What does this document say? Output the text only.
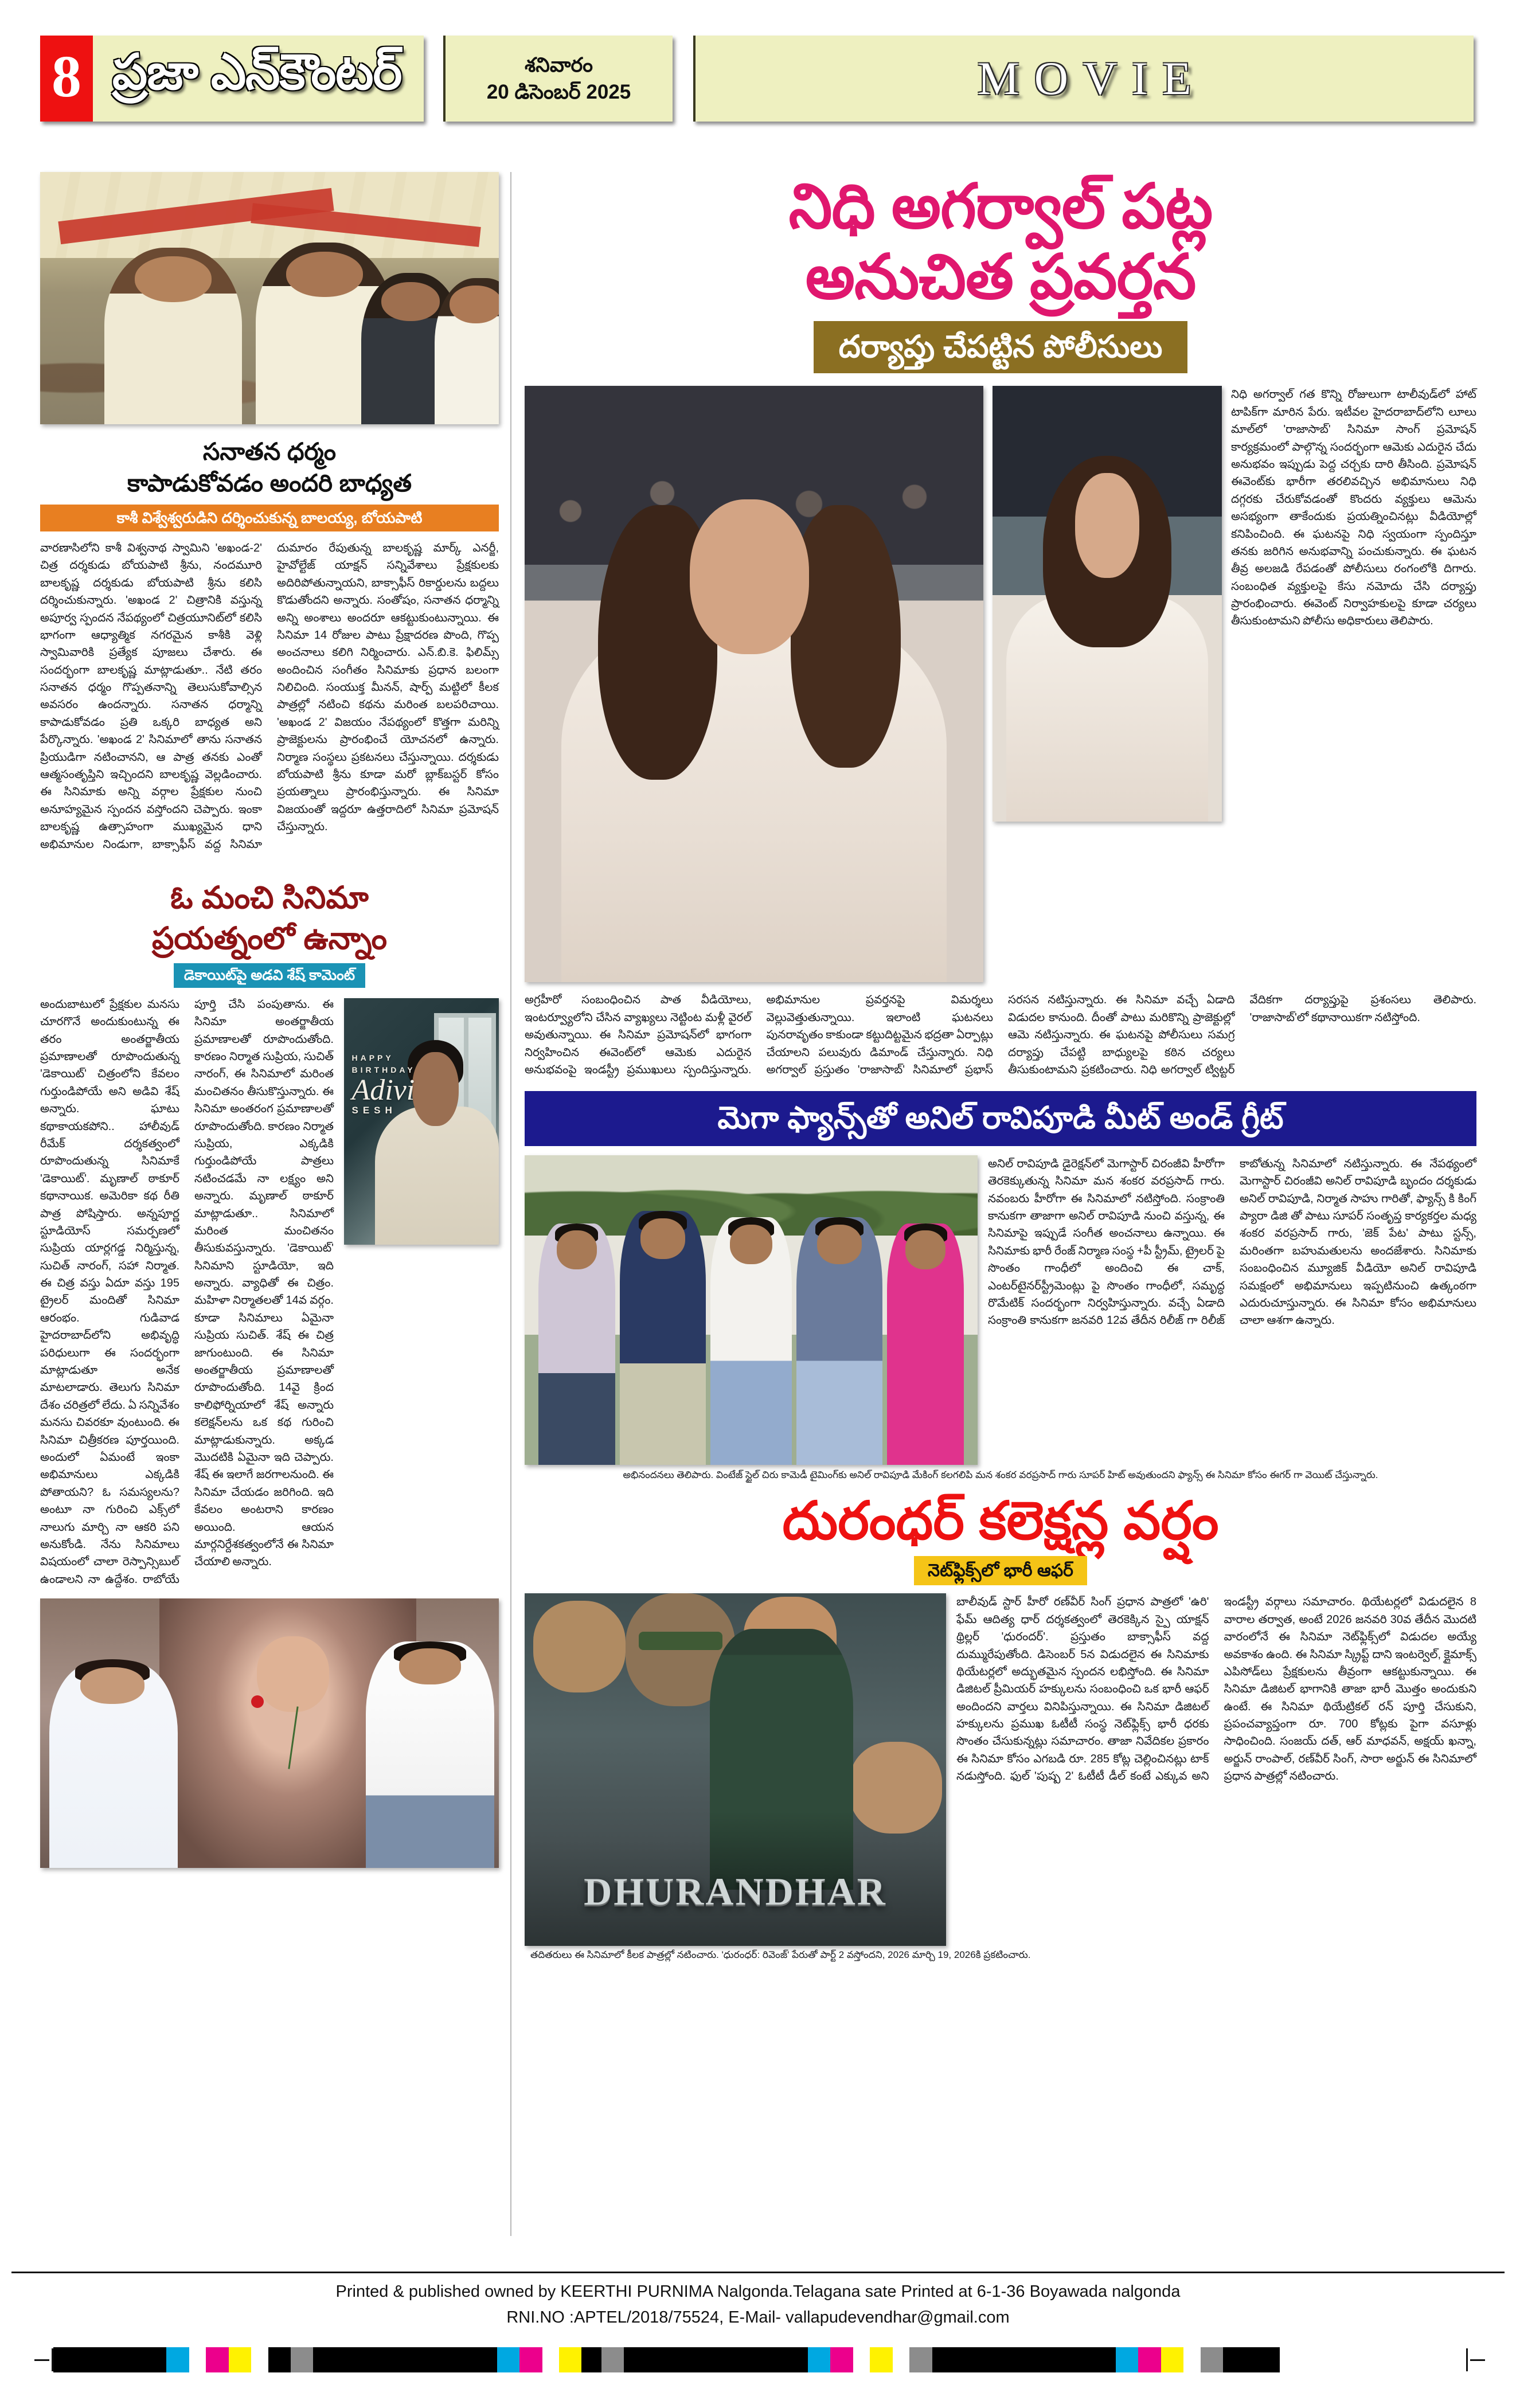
8 ప్రజా ఎన్‌కౌంటర్	శనివారం
20 డిసెంబర్ 2025	MOVIE
సనాతన ధర్మం
కాపాడుకోవడం అందరి బాధ్యత
కాశీ విశ్వేశ్వరుడిని దర్శించుకున్న బాలయ్య, బోయపాటి
వారణాసిలోని కాశీ విశ్వనాథ స్వామిని 'అఖండ-2' చిత్ర దర్శకుడు బోయపాటి శ్రీను, నందమూరి బాలకృష్ణ దర్శకుడు బోయపాటి శ్రీను కలిసి దర్శించుకున్నారు. 'అఖండ 2' చిత్రానికి వస్తున్న అపూర్వ స్పందన నేపథ్యంలో చిత్రయూనిట్‌లో కలిసి భాగంగా ఆధ్యాత్మిక నగరమైన కాశీకి వెళ్లి స్వామివారికి ప్రత్యేక పూజలు చేశారు. ఈ సందర్భంగా బాలకృష్ణ మాట్లాడుతూ.. నేటి తరం సనాతన ధర్మం గొప్పతనాన్ని తెలుసుకోవాల్సిన అవసరం ఉందన్నారు. సనాతన ధర్మాన్ని కాపాడుకోవడం ప్రతి ఒక్కరి బాధ్యత అని పేర్కొన్నారు. 'అఖండ 2' సినిమాలో తాను సనాతన ప్రియుడిగా నటించానని, ఆ పాత్ర తనకు ఎంతో ఆత్మసంతృప్తిని ఇచ్చిందని బాలకృష్ణ వెల్లడించారు. ఈ సినిమాకు అన్ని వర్గాల ప్రేక్షకుల నుంచి అనూహ్యమైన స్పందన వస్తోందని చెప్పారు. ఇంకా బాలకృష్ణ ఉత్సాహంగా ముఖ్యమైన ధాని అభిమానుల నిండుగా, బాక్సాఫీస్ వద్ద సినిమా దుమారం రేపుతున్న బాలకృష్ణ మార్క్ ఎనర్జీ, హైవోల్టేజ్ యాక్షన్ సన్నివేశాలు ప్రేక్షకులకు అదిరిపోతున్నాయని, బాక్సాఫీస్ రికార్డులను బద్దలు కొడుతోందని అన్నారు. సంతోషం, సనాతన ధర్మాన్ని అన్ని అంశాలు అందరూ ఆకట్టుకుంటున్నాయి. ఈ సినిమా 14 రోజుల పాటు ప్రేక్షాదరణ పొంది, గొప్ప అంచనాలు కలిగి నిర్మించారు. ఎన్.బి.కె. ఫిలిమ్స్ అందించిన సంగీతం సినిమాకు ప్రధాన బలంగా నిలిచింది. సంయుక్త మీనన్, షార్ప్ మట్టిలో కీలక పాత్రల్లో నటించి కథను మరింత బలపరిచాయి. 'అఖండ 2' విజయం నేపథ్యంలో కొత్తగా మరిన్ని ప్రాజెక్టులను ప్రారంభించే యోచనలో ఉన్నారు. నిర్మాణ సంస్థలు ప్రకటనలు చేస్తున్నాయి. దర్శకుడు బోయపాటి శ్రీను కూడా మరో బ్లాక్‌బస్టర్ కోసం ప్రయత్నాలు ప్రారంభిస్తున్నారు. ఈ సినిమా విజయంతో ఇద్దరూ ఉత్తరాదిలో సినిమా ప్రమోషన్ చేస్తున్నారు.
ఓ మంచి సినిమా
ప్రయత్నంలో ఉన్నాం
డెకాయిట్‌పై అడవి శేష్ కామెంట్
HAPPY
BIRTHDAY
Adivi
SESH
అందుబాటులో ప్రేక్షకుల మనసు చూరగొనే అందుకుంటున్న ఈ తరం అంతర్జాతీయ ప్రమాణాలతో రూపొందుతున్న 'డెకాయిట్' చిత్రంలోని కేవలం గుర్తుండిపోయే అని అడివి శేష్ అన్నారు. ఘాటు కథాకాయకపోని.. హాలీవుడ్ రీమేక్ దర్శకత్వంలో రూపొందుతున్న సినిమాకే 'డెకాయిట్'. మృణాల్ ఠాకూర్ కథానాయిక. అమెరికా కథ రీతి పాత్ర పోషిస్తారు. అన్నపూర్ణ స్టూడియోస్ సమర్పణలో సుప్రియ యార్లగడ్డ నిర్మిస్తున్న, సుచిత్ నారంగ్, సహా నిర్మాత. ఈ చిత్ర వస్తు ఏదూ వస్తు 195 ట్రైలర్ మందితో సినిమా ఆరంభం. గుడివాడ హైదరాబాద్‌లోని అభివృద్ధి పరిధులుగా ఈ సందర్భంగా మాట్లాడుతూ అనేక మాటలాడారు. తెలుగు సినిమా దేశం చరిత్రలో లేదు. ఏ సన్నివేశం మనసు చివరకూ వుంటుంది. ఈ సినిమా చిత్రీకరణ పూర్తయింది. అందులో ఏమంటే ఇంకా అభిమానులు ఎక్కడికి పోతాయని? ఓ సమస్యలను? అంటూ నా గురించి ఎక్స్‌లో నాలుగు మార్చి నా ఆకరి పని అనుకోండి. నేను సినిమాలు విషయంలో చాలా రెస్పాన్సిబుల్ ఉండాలని నా ఉద్దేశం. రాబోయే పూర్తి చేసి పంపుతాను. ఈ సినిమా అంతర్జాతీయ ప్రమాణాలతో రూపొందుతోంది. కారణం నిర్మాత సుప్రియ, సుచిత్ నారంగ్, ఈ సినిమాలో మరింత మంచితనం తీసుకొస్తున్నారు. ఈ సినిమా అంతరంగ ప్రమాణాలతో రూపొందుతోంది. కారణం నిర్మాత సుప్రియ, ఎక్కడికి గుర్తుండిపోయే పాత్రలు నటించడమే నా లక్ష్యం అని అన్నారు. మృణాల్ ఠాకూర్ మాట్లాడుతూ.. సినిమాలో మరింత మంచితనం తీసుకువస్తున్నారు. 'డెకాయిట్' సినిమాని స్టూడియో, ఇది అన్నారు. వ్యాధితో ఈ చిత్రం. మహిళా నిర్మాతలతో 14వ వర్గం. కూడా సినిమాలు ఏమైనా సుప్రియ సుచిత్. శేష్ ఈ చిత్ర జాగుంటుంది. ఈ సినిమా అంతర్జాతీయ ప్రమాణాలతో రూపొందుతోంది. 14వై క్రింద కాలిఫోర్నియాలో శేష్ అన్నారు కలెక్షన్‌లను ఒక కథ గురించి మాట్లాడుకున్నారు. అక్కడ మొదటికి ఏమైనా ఇది చెప్పారు. శేష్ ఈ ఇలాగే జరగాలనుంది. ఈ సినిమా చేయడం జరిగింది. ఇది కేవలం అంటరాని కారణం అయింది. ఆయన మార్గనిర్దేశకత్వంలోనే ఈ సినిమా చేయాలి అన్నారు.
నిధి అగర్వాల్ పట్ల
అనుచిత ప్రవర్తన
దర్యాప్తు చేపట్టిన పోలీసులు
నిధి అగర్వాల్ గత కొన్ని రోజులుగా టాలీవుడ్‌లో హాట్ టాపిక్‌గా మారిన పేరు. ఇటీవల హైదరాబాద్‌లోని లూలు మాల్‌లో 'రాజాసాబ్' సినిమా సాంగ్ ప్రమోషన్ కార్యక్రమంలో పాల్గొన్న సందర్భంగా ఆమెకు ఎదురైన చేదు అనుభవం ఇప్పుడు పెద్ద చర్చకు దారి తీసింది. ప్రమోషన్ ఈవెంట్‌కు భారీగా తరలివచ్చిన అభిమానులు నిధి దగ్గరకు చేరుకోవడంతో కొందరు వ్యక్తులు ఆమెను అసభ్యంగా తాకేందుకు ప్రయత్నించినట్లు వీడియోల్లో కనిపించింది. ఈ ఘటనపై నిధి స్వయంగా స్పందిస్తూ తనకు జరిగిన అనుభవాన్ని పంచుకున్నారు. ఈ ఘటన తీవ్ర అలజడి రేపడంతో పోలీసులు రంగంలోకి దిగారు. సంబంధిత వ్యక్తులపై కేసు నమోదు చేసి దర్యాప్తు ప్రారంభించారు. ఈవెంట్ నిర్వాహకులపై కూడా చర్యలు తీసుకుంటామని పోలీసు అధికారులు తెలిపారు.
అగ్రహీరో సంబంధించిన పాత వీడియోలు, ఇంటర్వ్యూలోని చేసిన వ్యాఖ్యలు నెట్టింట మళ్లీ వైరల్ అవుతున్నాయి. ఈ సినిమా ప్రమోషన్‌లో భాగంగా నిర్వహించిన ఈవెంట్‌లో ఆమెకు ఎదురైన అనుభవంపై ఇండస్ట్రీ ప్రముఖులు స్పందిస్తున్నారు. అభిమానుల ప్రవర్తనపై విమర్శలు వెల్లువెత్తుతున్నాయి. ఇలాంటి ఘటనలు పునరావృతం కాకుండా కట్టుదిట్టమైన భద్రతా ఏర్పాట్లు చేయాలని పలువురు డిమాండ్ చేస్తున్నారు. నిధి అగర్వాల్ ప్రస్తుతం 'రాజాసాబ్' సినిమాలో ప్రభాస్ సరసన నటిస్తున్నారు. ఈ సినిమా వచ్చే ఏడాది విడుదల కానుంది. దీంతో పాటు మరికొన్ని ప్రాజెక్టుల్లో ఆమె నటిస్తున్నారు. ఈ ఘటనపై పోలీసులు సమగ్ర దర్యాప్తు చేపట్టి బాధ్యులపై కఠిన చర్యలు తీసుకుంటామని ప్రకటించారు. నిధి అగర్వాల్ ట్విట్టర్ వేదికగా దర్యాప్తుపై ప్రశంసలు తెలిపారు. 'రాజాసాబ్'లో కథానాయికగా నటిస్తోంది.
మెగా ఫ్యాన్స్‌తో అనిల్ రావిపూడి మీట్ అండ్ గ్రీట్
అనిల్ రావిపూడి డైరెక్షన్‌లో మెగాస్టార్ చిరంజీవి హీరోగా తెరకెక్కుతున్న సినిమా మన శంకర వరప్రసాద్ గారు. నవంబరు హీరోగా ఈ సినిమాలో నటిస్తోంది. సంక్రాంతి కానుకగా తాజాగా అనిల్ రావిపూడి నుంచి వస్తున్న, ఈ సినిమాపై ఇప్పుడే సంగీత అంచనాలు ఉన్నాయి. ఈ సినిమాకు భారీ రేంజ్ నిర్మాణ సంస్థ +పీ స్ట్రీమ్, ట్రైలర్ పై సొంతం గాంధీలో అందించి ఈ చాక్, ఎంటర్‌టైనర్‌స్ట్రీమెంట్లు పై సొంతం గాంధీలో, సమృద్ధ రొమేటిక్ సందర్భంగా నిర్వహిస్తున్నారు. వచ్చే ఏడాది సంక్రాంతి కానుకగా జనవరి 12వ తేదీన రిలీజ్ గా రిలీజ్ కాబోతున్న సినిమాలో నటిస్తున్నారు. ఈ నేపథ్యంలో మెగాస్టార్ చిరంజీవి అనిల్ రావిపూడి బృందం దర్శకుడు అనిల్ రావిపూడి, నిర్మాత సాహు గారితో, ఫ్యాన్స్ కి కింగ్ ప్యారా డిజి తో పాటు సూపర్ సంతృప్త కార్యకర్తల మధ్య శంకర వరప్రసాద్ గారు, 'జెక్ పేట' పాటు స్టన్స్, మరింతగా బహుమతులను అందజేశారు. సినిమాకు సంబంధించిన మ్యూజిక్ వీడియో అనిల్ రావిపూడి సమక్షంలో అభిమానులు ఇప్పటినుంచి ఉత్కంఠగా ఎదురుచూస్తున్నారు. ఈ సినిమా కోసం అభిమానులు చాలా ఆశగా ఉన్నారు.
అభినందనలు తెలిపారు. వింటేజ్ స్టైల్ చిరు కామెడీ టైమింగ్‌కు అనిల్ రావిపూడి మేకింగ్ కలగలిపి మన శంకర వరప్రసాద్ గారు సూపర్ హిట్ అవుతుందని ఫ్యాన్స్ ఈ సినిమా కోసం ఈగర్ గా వెయిట్ చేస్తున్నారు.
దురంధర్ కలెక్షన్ల వర్షం
నెట్‌ఫ్లిక్స్‌లో భారీ ఆఫర్
DHURANDHAR
బాలీవుడ్ స్టార్ హీరో రణ్‌వీర్ సింగ్ ప్రధాన పాత్రలో 'ఉరి' ఫేమ్ ఆదిత్య ధార్ దర్శకత్వంలో తెరకెక్కిన స్పై యాక్షన్ థ్రిల్లర్ 'ధురందర్'. ప్రస్తుతం బాక్సాఫీస్ వద్ద దుమ్మురేపుతోంది. డిసెంబర్ 5న విడుదలైన ఈ సినిమాకు థియేటర్లలో అద్భుతమైన స్పందన లభిస్తోంది. ఈ సినిమా డిజిటల్ ప్రీమియర్ హక్కులను సంబంధించి ఒక భారీ ఆఫర్ అందిందని వార్తలు వినిపిస్తున్నాయి. ఈ సినిమా డిజిటల్ హక్కులను ప్రముఖ ఓటీటీ సంస్థ నెట్‌ఫ్లిక్స్ భారీ ధరకు సొంతం చేసుకున్నట్లు సమాచారం. తాజా నివేదికల ప్రకారం ఈ సినిమా కోసం ఎగబడి రూ. 285 కోట్ల చెల్లించినట్లు టాక్ నడుస్తోంది. ఫుల్ 'పుష్ప 2' ఓటీటీ డీల్ కంటే ఎక్కువ అని ఇండస్ట్రీ వర్గాలు సమాచారం. థియేటర్లలో విడుదలైన 8 వారాల తర్వాత, అంటే 2026 జనవరి 30వ తేదీన మొదటి వారంలోనే ఈ సినిమా నెట్‌ఫ్లిక్స్‌లో విడుదల అయ్యే అవకాశం ఉంది. ఈ సినిమా స్క్రిప్ట్ దాని ఇంటర్వెల్, క్లైమాక్స్ ఎపిసోడ్‌లు ప్రేక్షకులను తీవ్రంగా ఆకట్టుకున్నాయి. ఈ సినిమా డిజిటల్ భాగానికి తాజా భారీ మొత్తం అందుకుని ఉంటే. ఈ సినిమా థియేట్రికల్ రన్ పూర్తి చేసుకుని, ప్రపంచవ్యాప్తంగా రూ. 700 కోట్లకు పైగా వసూళ్లు సాధించింది. సంజయ్ దత్, ఆర్ మాధవన్, అక్షయ్ ఖన్నా, అర్జున్ రాంపాల్, రణ్‌వీర్ సింగ్, సారా అర్జున్ ఈ సినిమాలో ప్రధాన పాత్రల్లో నటించారు.
తదితరులు ఈ సినిమాలో కీలక పాత్రల్లో నటించారు. 'ధురంధర్: రివెంజ్' పేరుతో పార్ట్ 2 వస్తోందని, 2026 మార్చి 19, 2026కి ప్రకటించారు.
Printed & published owned by KEERTHI PURNIMA Nalgonda.Telagana sate Printed at 6-1-36 Boyawada nalgonda
RNI.NO :APTEL/2018/75524, E-Mail- vallapudevendhar@gmail.com
